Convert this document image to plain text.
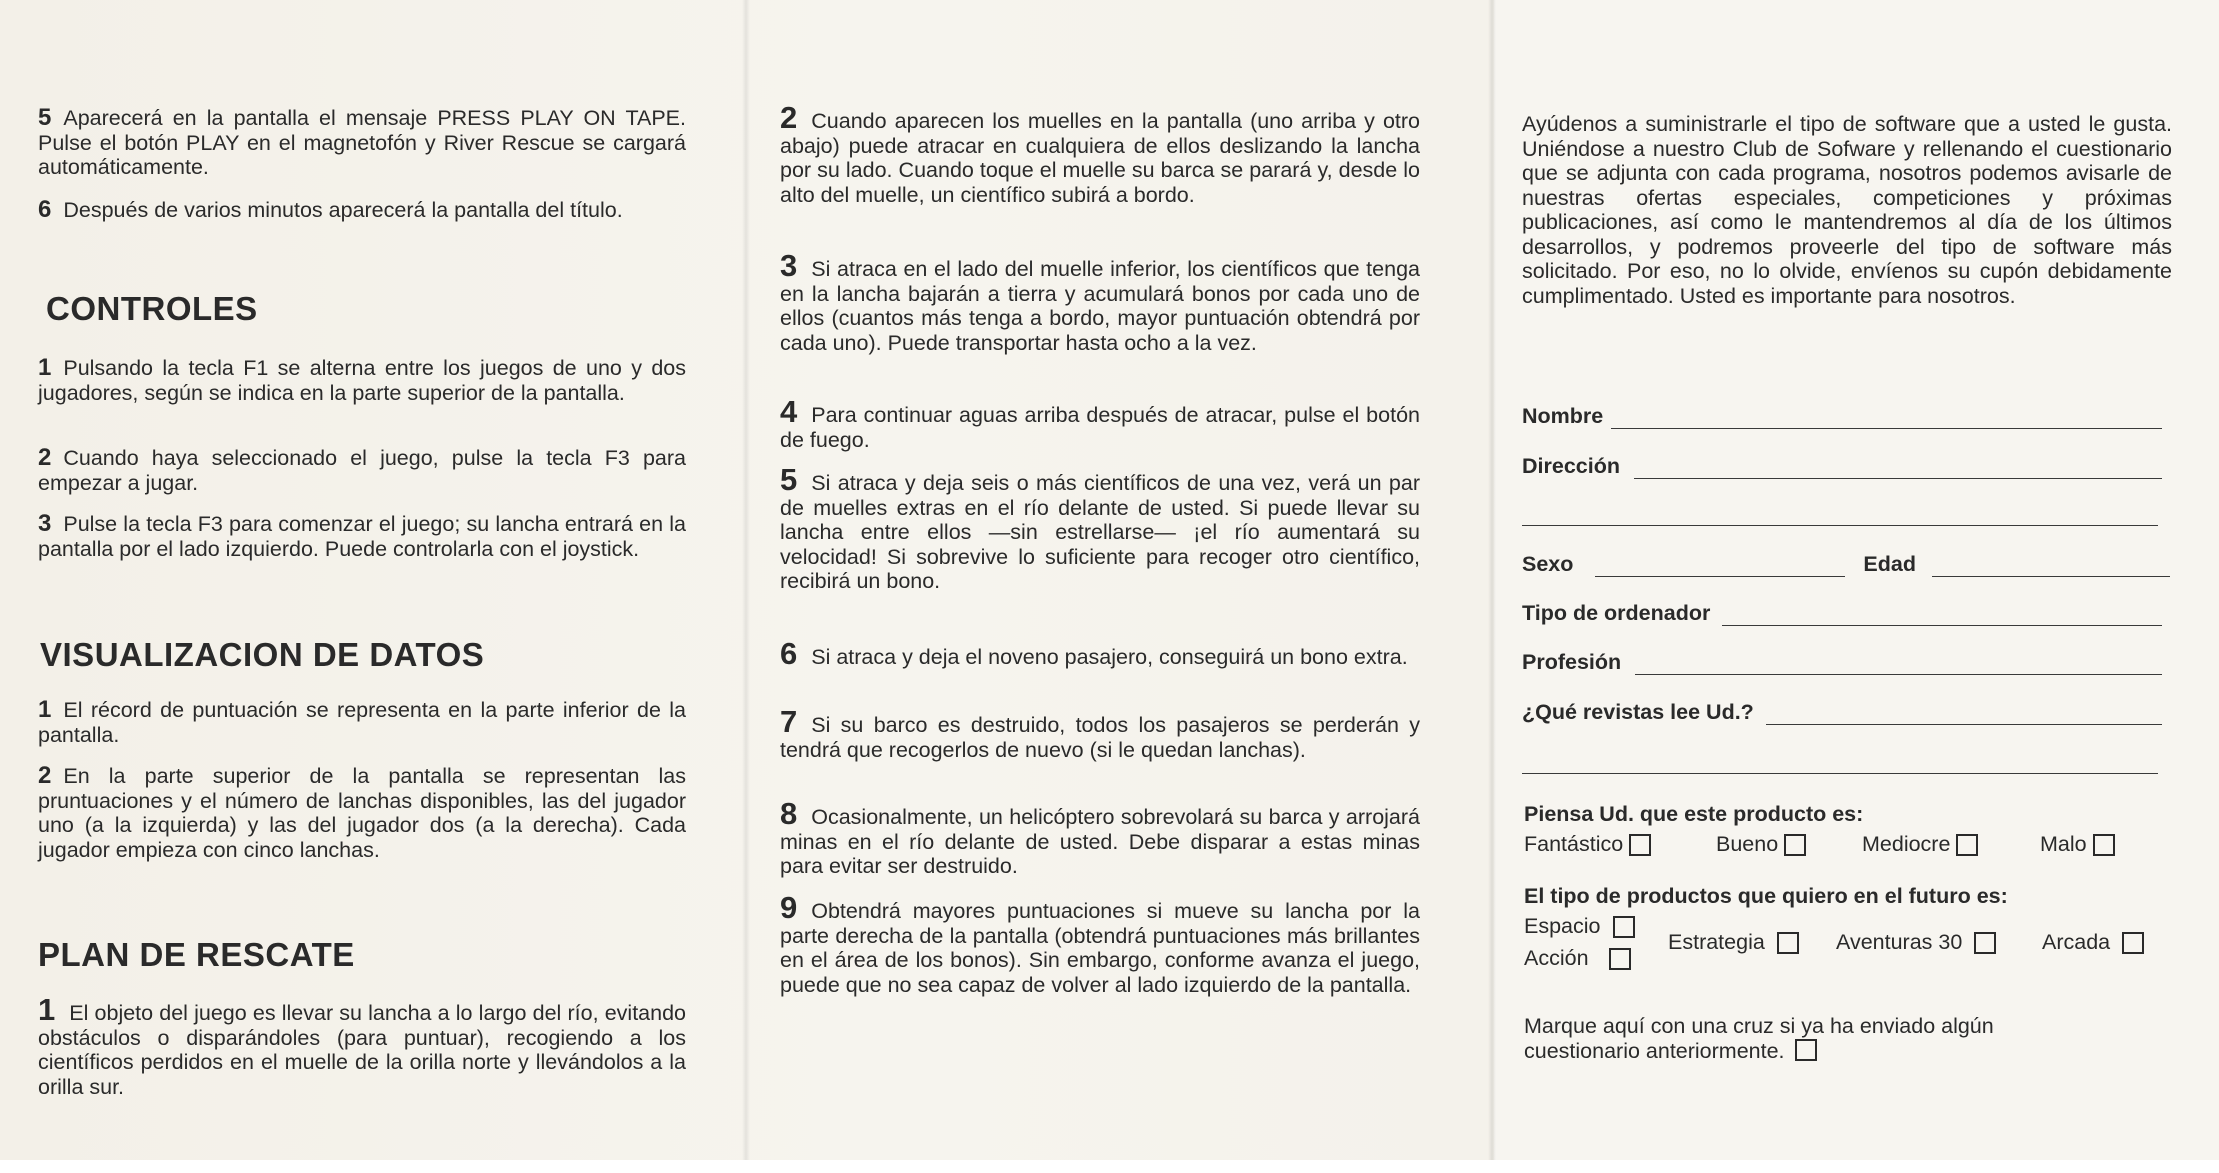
5 Aparecerá en la pantalla el mensaje PRESS PLAY ON TAPE. Pulse el botón PLAY en el magnetofón y River Rescue se cargará automáticamente.

6 Después de varios minutos aparecerá la pantalla del título.

CONTROLES

1 Pulsando la tecla F1 se alterna entre los juegos de uno y dos jugadores, según se indica en la parte superior de la pantalla.

2 Cuando haya seleccionado el juego, pulse la tecla F3 para empezar a jugar.

3 Pulse la tecla F3 para comenzar el juego; su lancha entrará en la pantalla por el lado izquierdo. Puede controlarla con el joystick.

VISUALIZACION DE DATOS

1 El récord de puntuación se representa en la parte inferior de la pantalla.

2 En la parte superior de la pantalla se representan las pruntuaciones y el número de lanchas disponibles, las del jugador uno (a la izquierda) y las del jugador dos (a la derecha). Cada jugador empieza con cinco lanchas.

PLAN DE RESCATE

1 El objeto del juego es llevar su lancha a lo largo del río, evitando obstáculos o disparándoles (para puntuar), recogiendo a los científicos perdidos en el muelle de la orilla norte y llevándolos a la orilla sur.

2 Cuando aparecen los muelles en la pantalla (uno arriba y otro abajo) puede atracar en cualquiera de ellos deslizando la lancha por su lado. Cuando toque el muelle su barca se parará y, desde lo alto del muelle, un científico subirá a bordo.

3 Si atraca en el lado del muelle inferior, los científicos que tenga en la lancha bajarán a tierra y acumulará bonos por cada uno de ellos (cuantos más tenga a bordo, mayor puntuación obtendrá por cada uno). Puede transportar hasta ocho a la vez.

4 Para continuar aguas arriba después de atracar, pulse el botón de fuego.

5 Si atraca y deja seis o más científicos de una vez, verá un par de muelles extras en el río delante de usted. Si puede llevar su lancha entre ellos —sin estrellarse— ¡el río aumentará su velocidad! Si sobrevive lo suficiente para recoger otro científico, recibirá un bono.

6 Si atraca y deja el noveno pasajero, conseguirá un bono extra.

7 Si su barco es destruido, todos los pasajeros se perderán y tendrá que recogerlos de nuevo (si le quedan lanchas).

8 Ocasionalmente, un helicóptero sobrevolará su barca y arrojará minas en el río delante de usted. Debe disparar a estas minas para evitar ser destruido.

9 Obtendrá mayores puntuaciones si mueve su lancha por la parte derecha de la pantalla (obtendrá puntuaciones más brillantes en el área de los bonos). Sin embargo, conforme avanza el juego, puede que no sea capaz de volver al lado izquierdo de la pantalla.

Ayúdenos a suministrarle el tipo de software que a usted le gusta. Uniéndose a nuestro Club de Sofware y rellenando el cuestionario que se adjunta con cada programa, nosotros podemos avisarle de nuestras ofertas especiales, competiciones y próximas publicaciones, así como le mantendremos al día de los últimos desarrollos, y podremos proveerle del tipo de software más solicitado. Por eso, no lo olvide, envíenos su cupón debidamente cumplimentado. Usted es importante para nosotros.

Nombre
Dirección
Sexo	Edad
Tipo de ordenador
Profesión
¿Qué revistas lee Ud.?
Piensa Ud. que este producto es:
Fantástico	Bueno	Mediocre	Malo
El tipo de productos que quiero en el futuro es:
Espacio
Acción
Estrategia	Aventuras 30	Arcada

Marque aquí con una cruz si ya ha enviado algún cuestionario anteriormente.
